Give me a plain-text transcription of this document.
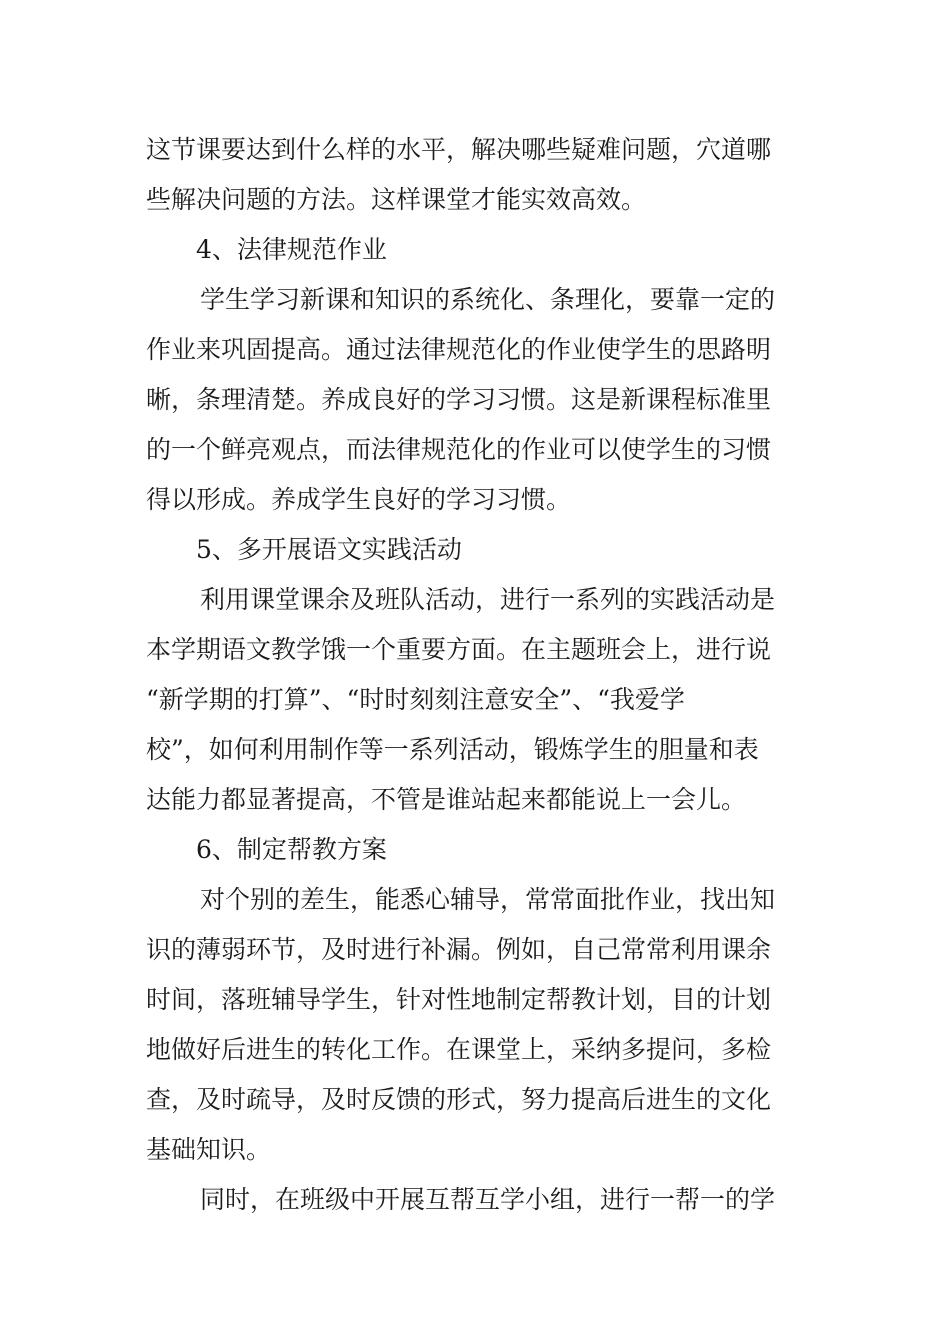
这节课要达到什么样的水平，解决哪些疑难问题，穴道哪
些解决问题的方法。这样课堂才能实效高效。
4、法律规范作业
学生学习新课和知识的系统化、条理化，要靠一定的
作业来巩固提高。通过法律规范化的作业使学生的思路明
晰，条理清楚。养成良好的学习习惯。这是新课程标准里
的一个鲜亮观点，而法律规范化的作业可以使学生的习惯
得以形成。养成学生良好的学习习惯。
5、多开展语文实践活动
利用课堂课余及班队活动，进行一系列的实践活动是
本学期语文教学饿一个重要方面。在主题班会上，进行说
“新学期的打算”、“时时刻刻注意安全”、“我爱学
校”，如何利用制作等一系列活动，锻炼学生的胆量和表
达能力都显著提高，不管是谁站起来都能说上一会儿。
6、制定帮教方案
对个别的差生，能悉心辅导，常常面批作业，找出知
识的薄弱环节，及时进行补漏。例如，自己常常利用课余
时间，落班辅导学生，针对性地制定帮教计划，目的计划
地做好后进生的转化工作。在课堂上，采纳多提问，多检
查，及时疏导，及时反馈的形式，努力提高后进生的文化
基础知识。
同时，在班级中开展互帮互学小组，进行一帮一的学
